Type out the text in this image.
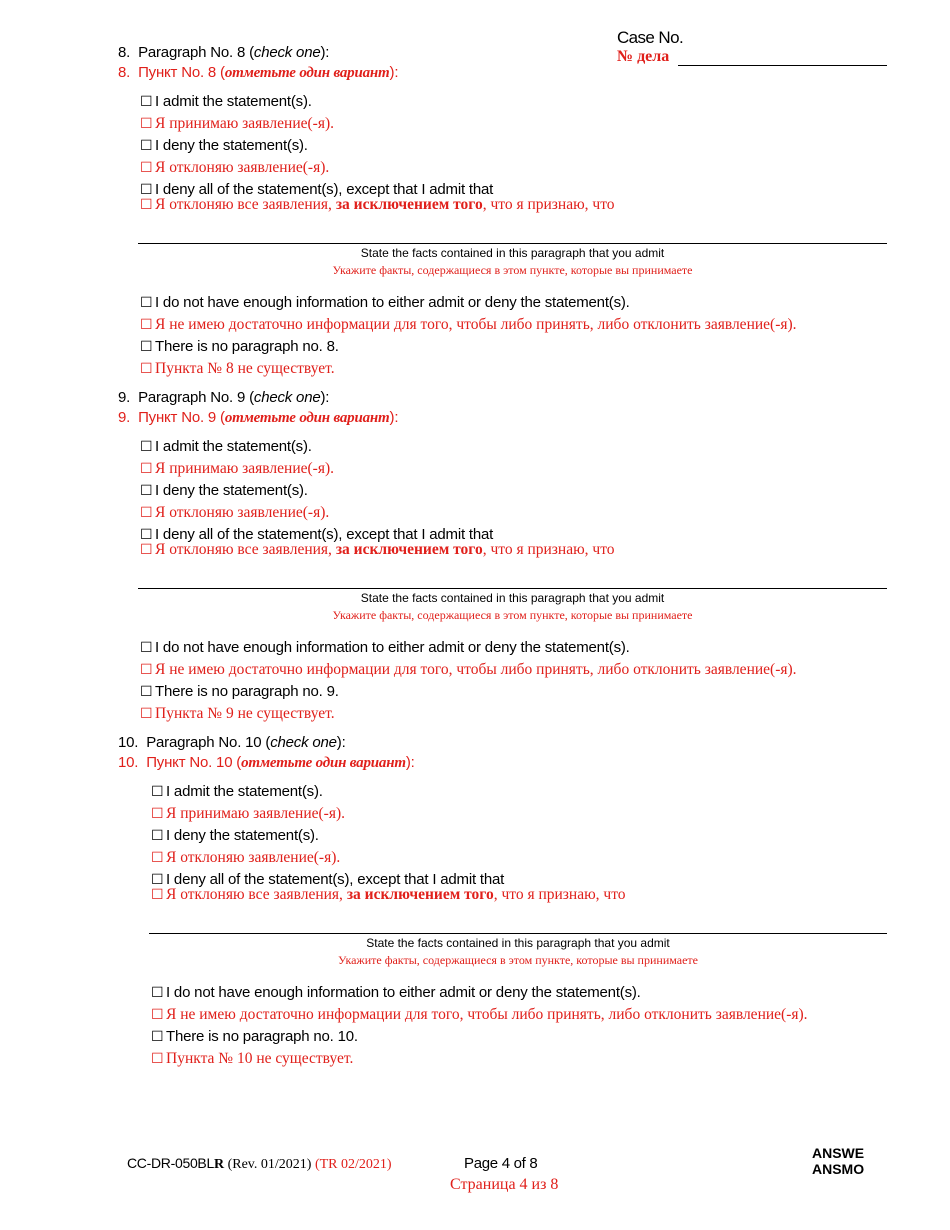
Case No.
№ дела
8. Paragraph No. 8 (check one):
8. Пункт No. 8 (отметьте один вариант):
☐ I admit the statement(s).
☐ Я принимаю заявление(-я).
☐ I deny the statement(s).
☐ Я отклоняю заявление(-я).
☐ I deny all of the statement(s), except that I admit that
☐ Я отклоняю все заявления, за исключением того, что я признаю, что
State the facts contained in this paragraph that you admit
Укажите факты, содержащиеся в этом пункте, которые вы принимаете
☐ I do not have enough information to either admit or deny the statement(s).
☐ Я не имею достаточно информации для того, чтобы либо принять, либо отклонить заявление(-я).
☐ There is no paragraph no. 8.
☐ Пункта № 8 не существует.
9. Paragraph No. 9 (check one):
9. Пункт No. 9 (отметьте один вариант):
☐ I admit the statement(s).
☐ Я принимаю заявление(-я).
☐ I deny the statement(s).
☐ Я отклоняю заявление(-я).
☐ I deny all of the statement(s), except that I admit that
☐ Я отклоняю все заявления, за исключением того, что я признаю, что
State the facts contained in this paragraph that you admit
Укажите факты, содержащиеся в этом пункте, которые вы принимаете
☐ I do not have enough information to either admit or deny the statement(s).
☐ Я не имею достаточно информации для того, чтобы либо принять, либо отклонить заявление(-я).
☐ There is no paragraph no. 9.
☐ Пункта № 9 не существует.
10. Paragraph No. 10 (check one):
10. Пункт No. 10 (отметьте один вариант):
☐ I admit the statement(s).
☐ Я принимаю заявление(-я).
☐ I deny the statement(s).
☐ Я отклоняю заявление(-я).
☐ I deny all of the statement(s), except that I admit that
☐ Я отклоняю все заявления, за исключением того, что я признаю, что
State the facts contained in this paragraph that you admit
Укажите факты, содержащиеся в этом пункте, которые вы принимаете
☐ I do not have enough information to either admit or deny the statement(s).
☐ Я не имею достаточно информации для того, чтобы либо принять, либо отклонить заявление(-я).
☐ There is no paragraph no. 10.
☐ Пункта № 10 не существует.
CC-DR-050BLR (Rev. 01/2021) (TR 02/2021)	Page 4 of 8
Страница 4 из 8
ANSWE
ANSMO
